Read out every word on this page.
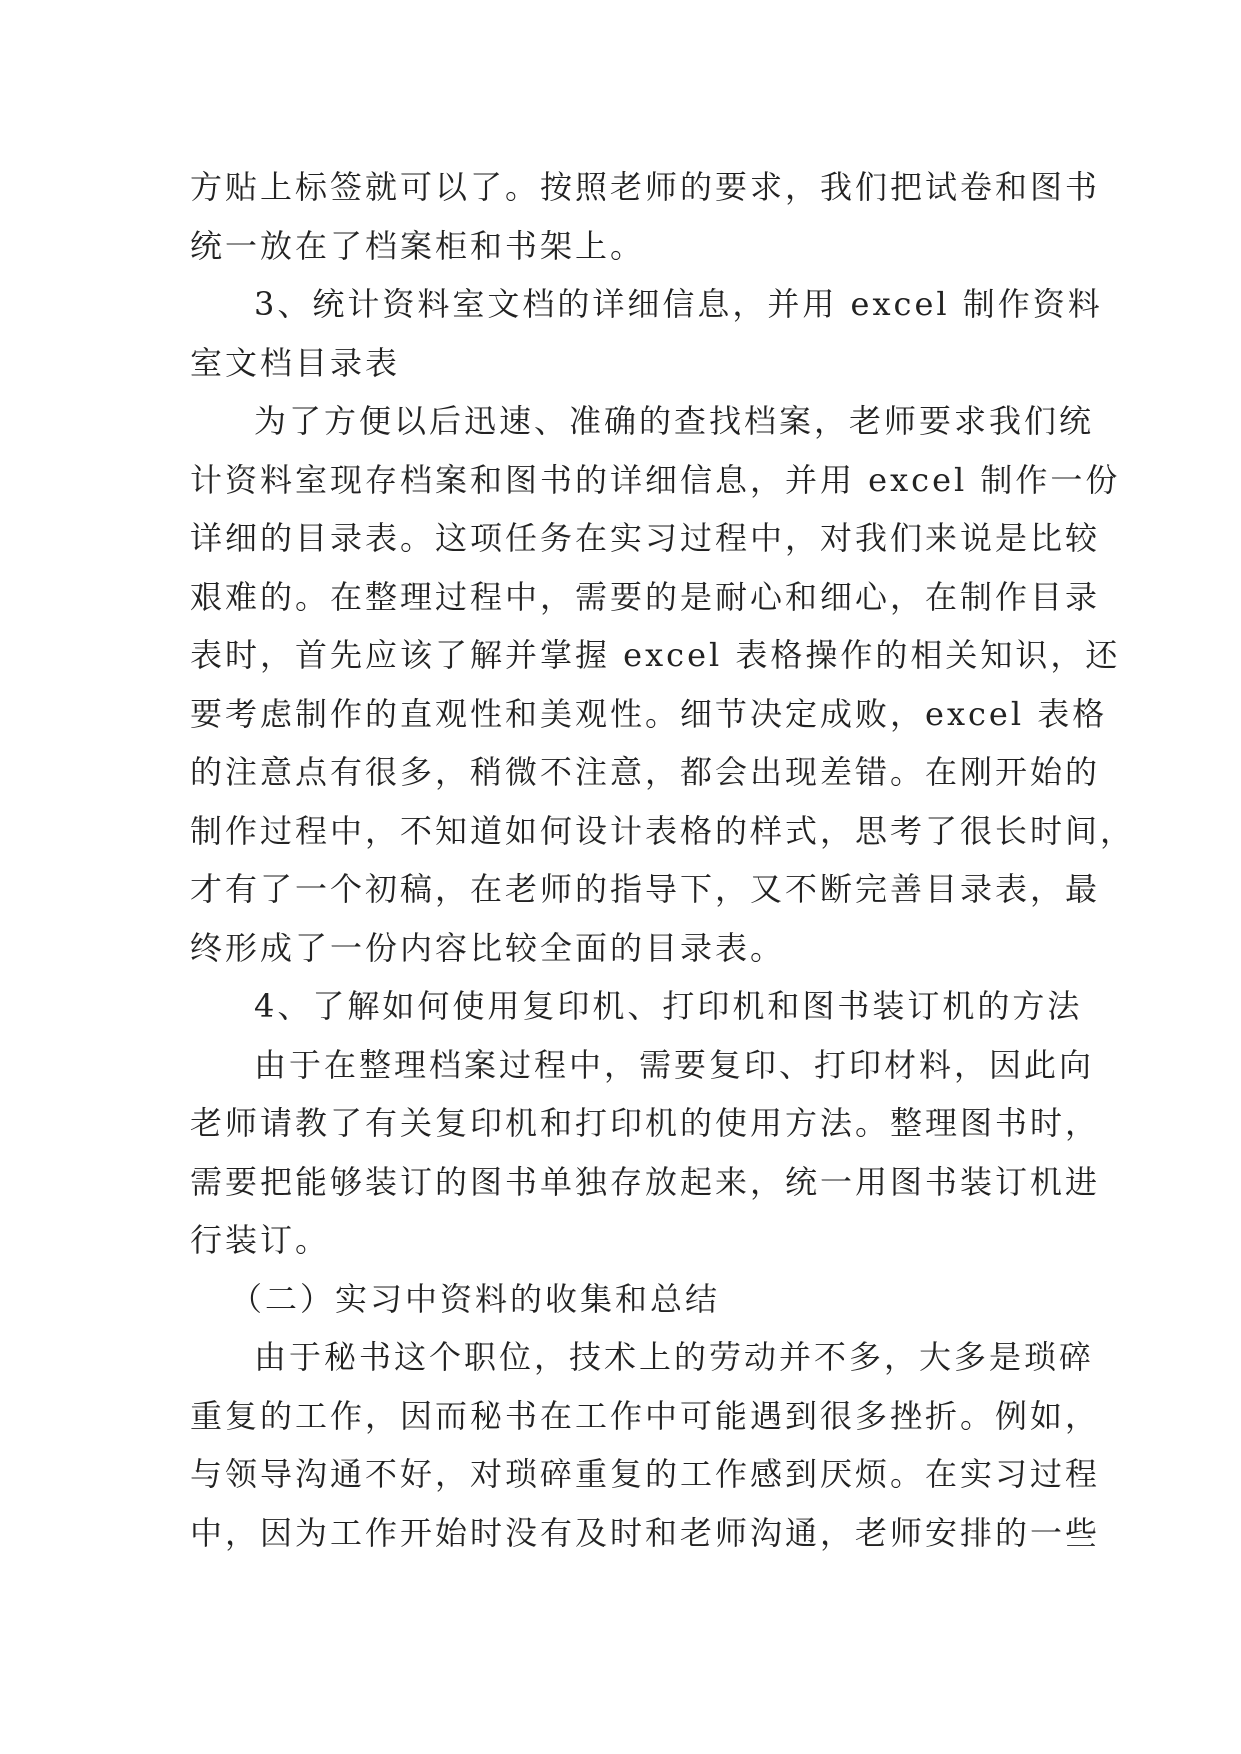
方贴上标签就可以了。按照老师的要求，我们把试卷和图书
统一放在了档案柜和书架上。
3、统计资料室文档的详细信息，并用 excel 制作资料
室文档目录表
为了方便以后迅速、准确的查找档案，老师要求我们统
计资料室现存档案和图书的详细信息，并用 excel 制作一份
详细的目录表。这项任务在实习过程中，对我们来说是比较
艰难的。在整理过程中，需要的是耐心和细心，在制作目录
表时，首先应该了解并掌握 excel 表格操作的相关知识，还
要考虑制作的直观性和美观性。细节决定成败，excel 表格
的注意点有很多，稍微不注意，都会出现差错。在刚开始的
制作过程中，不知道如何设计表格的样式，思考了很长时间，
才有了一个初稿，在老师的指导下，又不断完善目录表，最
终形成了一份内容比较全面的目录表。
4、了解如何使用复印机、打印机和图书装订机的方法
由于在整理档案过程中，需要复印、打印材料，因此向
老师请教了有关复印机和打印机的使用方法。整理图书时，
需要把能够装订的图书单独存放起来，统一用图书装订机进
行装订。
（二）实习中资料的收集和总结
由于秘书这个职位，技术上的劳动并不多，大多是琐碎
重复的工作，因而秘书在工作中可能遇到很多挫折。例如，
与领导沟通不好，对琐碎重复的工作感到厌烦。在实习过程
中，因为工作开始时没有及时和老师沟通，老师安排的一些
